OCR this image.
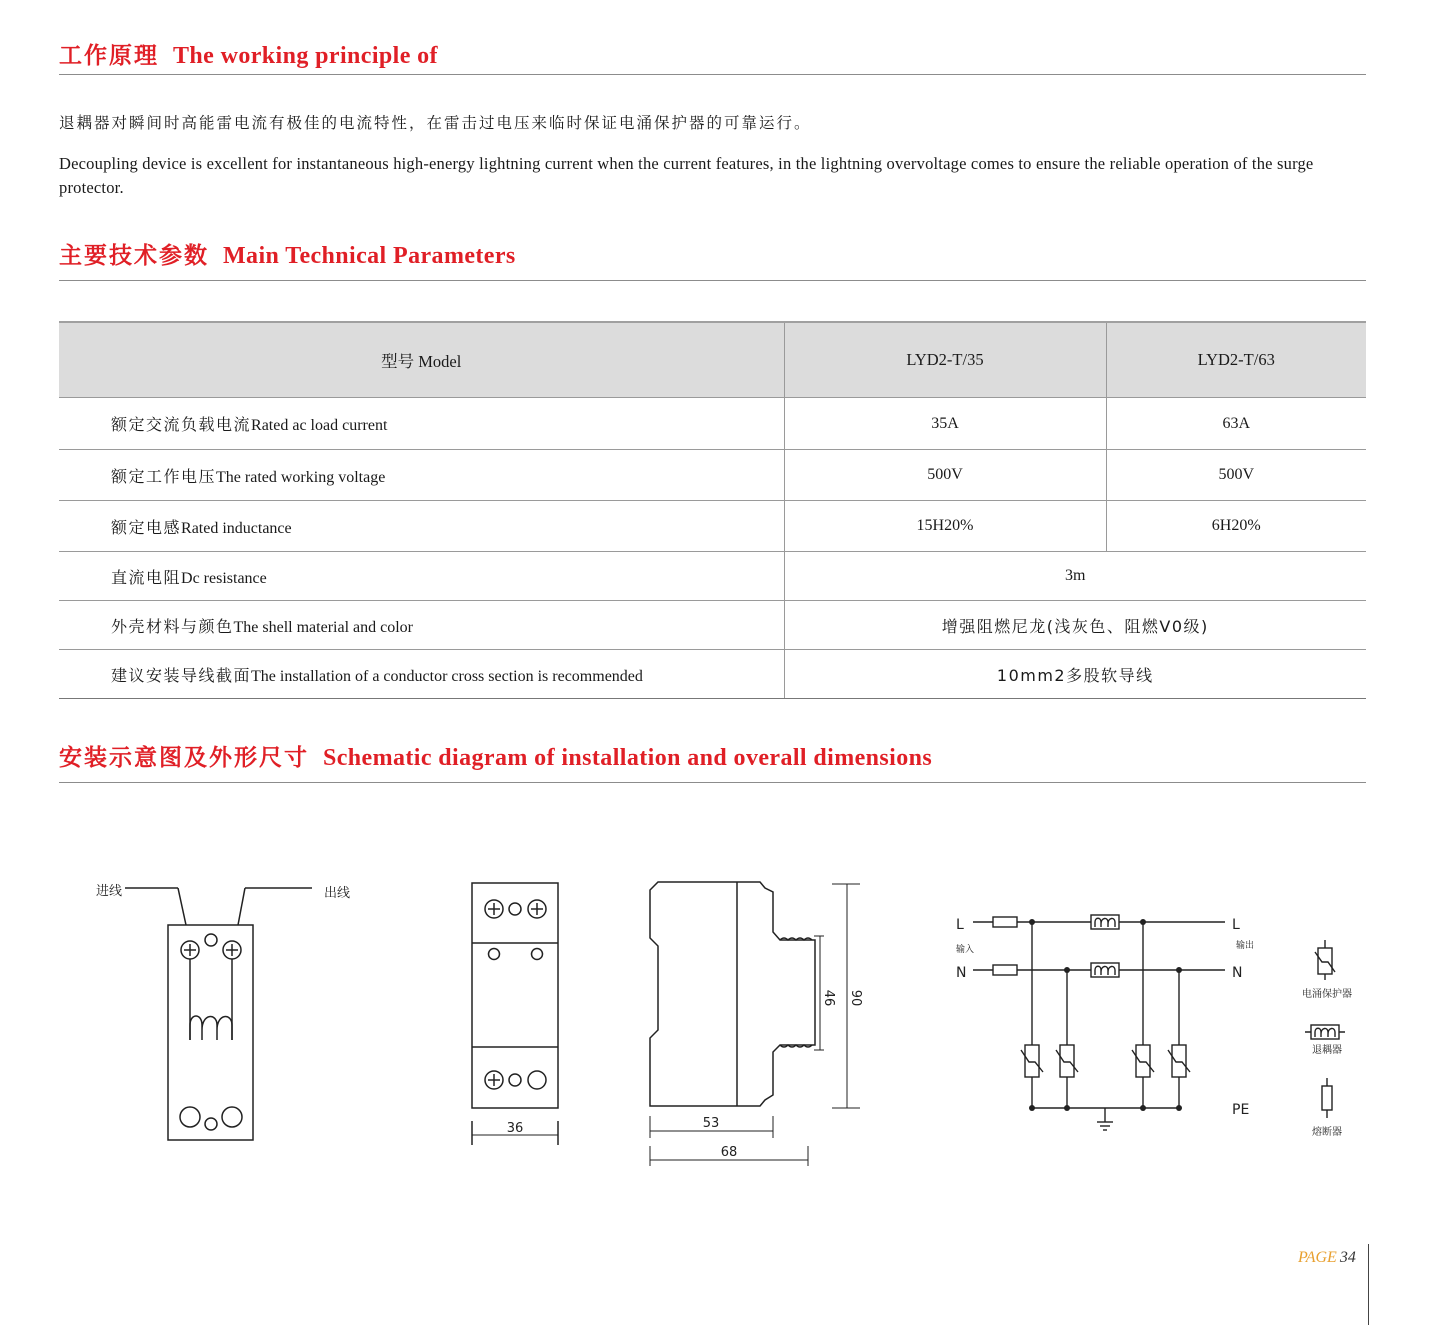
工作原理 The working principle of

退耦器对瞬间时高能雷电流有极佳的电流特性，在雷击过电压来临时保证电涌保护器的可靠运行。

Decoupling device is excellent for instantaneous high-energy lightning current when the current features, in the lightning overvoltage comes to ensure the reliable operation of the surge protector.

主要技术参数 Main Technical Parameters
型号 Model	LYD2-T/35	LYD2-T/63
额定交流负载电流Rated ac load current	35A	63A
额定工作电压The rated working voltage	500V	500V
额定电感Rated inductance	15H20%	6H20%
直流电阻Dc resistance	3m	
外壳材料与颜色The shell material and color	增强阻燃尼龙(浅灰色、阻燃V0级)	
建议安装导线截面The installation of a conductor cross section is recommended	10mm2多股软导线	
安装示意图及外形尺寸 Schematic diagram of installation and overall dimensions
进线	出线
36	53
68
46 90
L	L
N	N
输入	输出
PE
电涌保护器
退耦器
熔断器
PAGE 34
